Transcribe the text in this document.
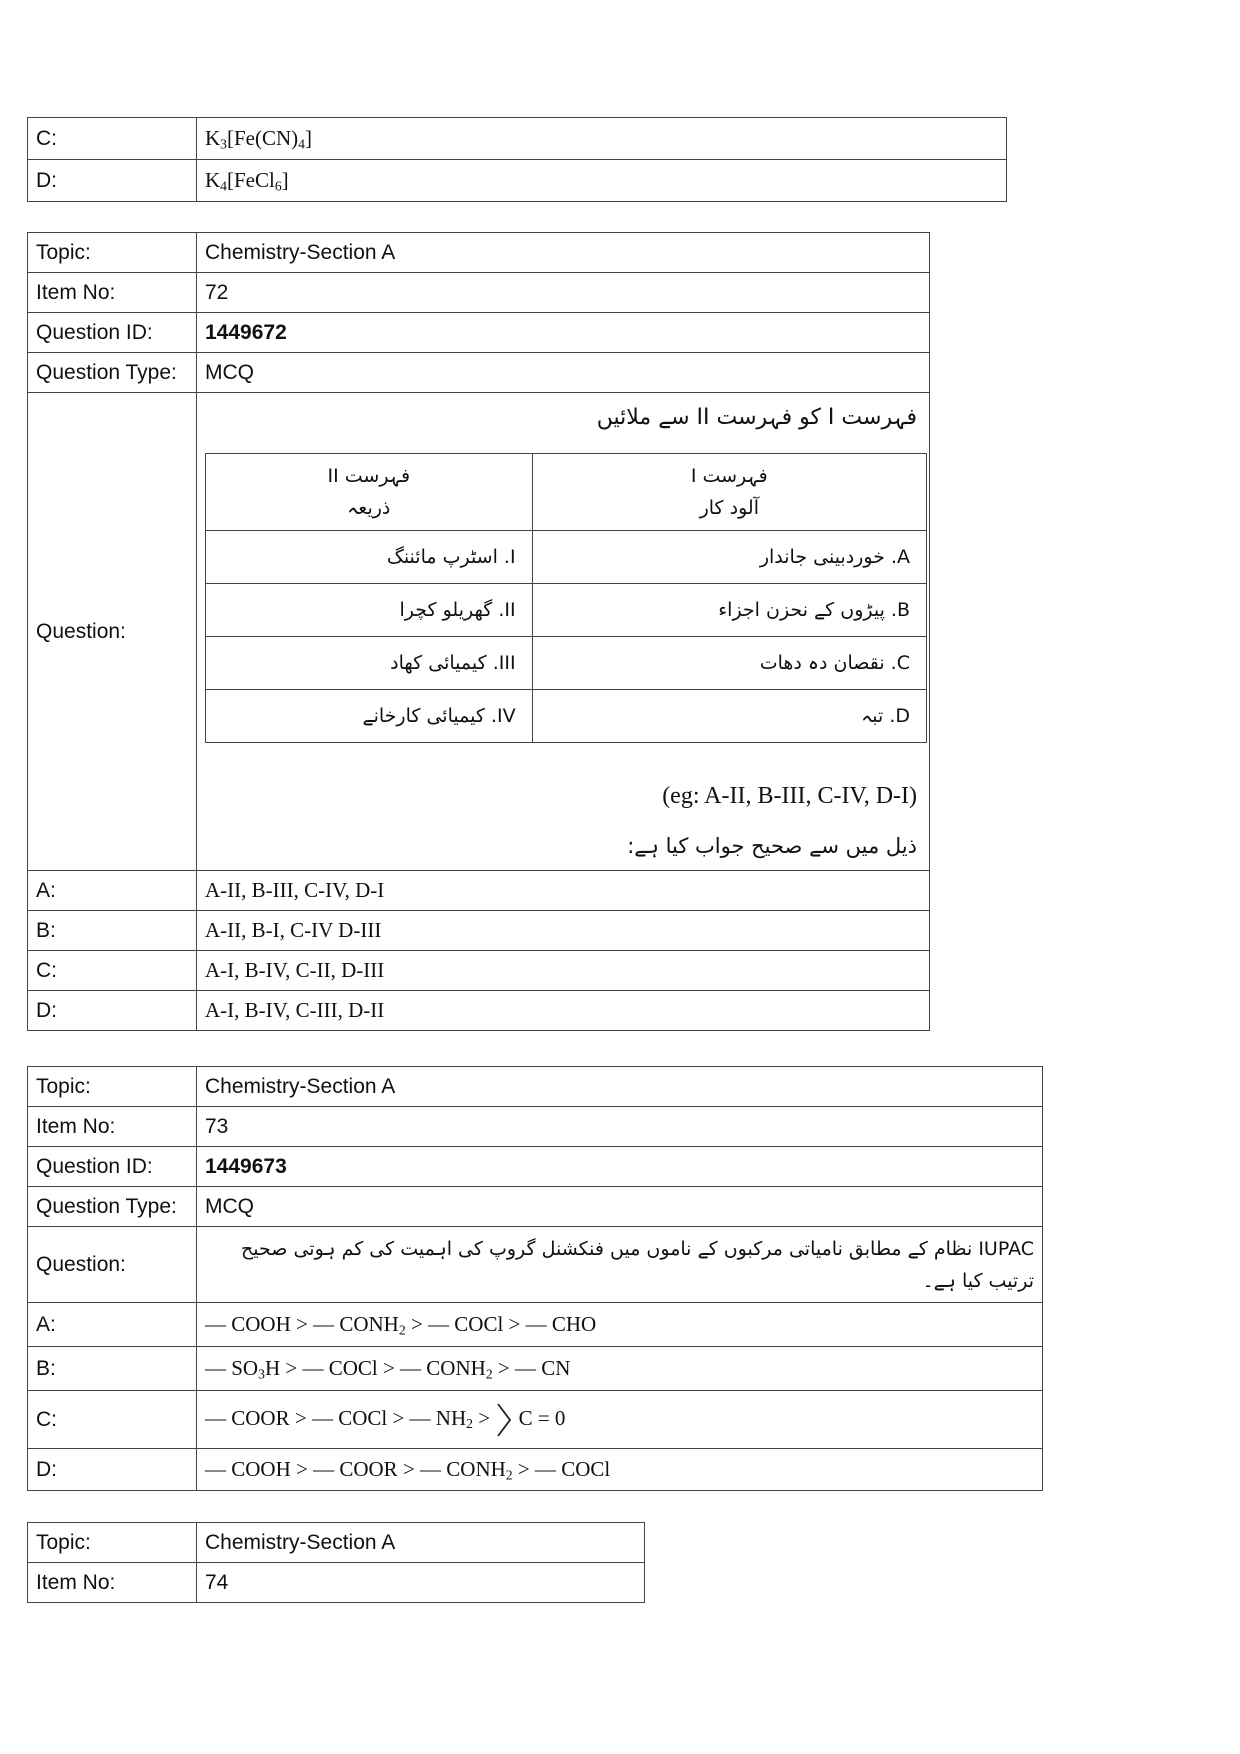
C:	$K_3[Fe(CN)_4]$
D:	$K_4[FeCl_6]$
Topic:	Chemistry-Section A
Item No:	72
Question ID:	1449672
Question Type:	MCQ
Question:	
فہرست I کو فہرست II سے ملائیں
فہرست II
ذریعہ

فہرست I
آلود کار

I. اسٹرپ مائننگ	A. خوردبینی جاندار
II. گھریلو کچرا	B. پیڑوں کے نحزن اجزاء
III. کیمیائی کھاد	C. نقصان دہ دھات
IV. کیمیائی کارخانے	D. تبہ
(eg: A-II, B-III, C-IV, D-I)
ذیل میں سے صحیح جواب کیا ہے:

A:	A-II, B-III, C-IV, D-I
B:	A-II, B-I, C-IV D-III
C:	A-I, B-IV, C-II, D-III
D:	A-I, B-IV, C-III, D-II
Topic:	Chemistry-Section A
Item No:	73
Question ID:	1449673
Question Type:	MCQ
Question:	IUPAC نظام کے مطابق نامیاتی مرکبوں کے ناموں میں فنکشنل گروپ کی اہمیت کی کم ہوتی صحیح
ترتیب کیا ہے۔

A:	— COOH > — $CONH_2$ > — COCl > — CHO
B:	— $SO_3H$ > — COCl > — $CONH_2$ > — CN
C:	— COOR > — COCl > — $NH_2 > C = 0$
D:	— COOH > — COOR > — $CONH_2$ > — COCl
Topic:	Chemistry-Section A
Item No:	74
